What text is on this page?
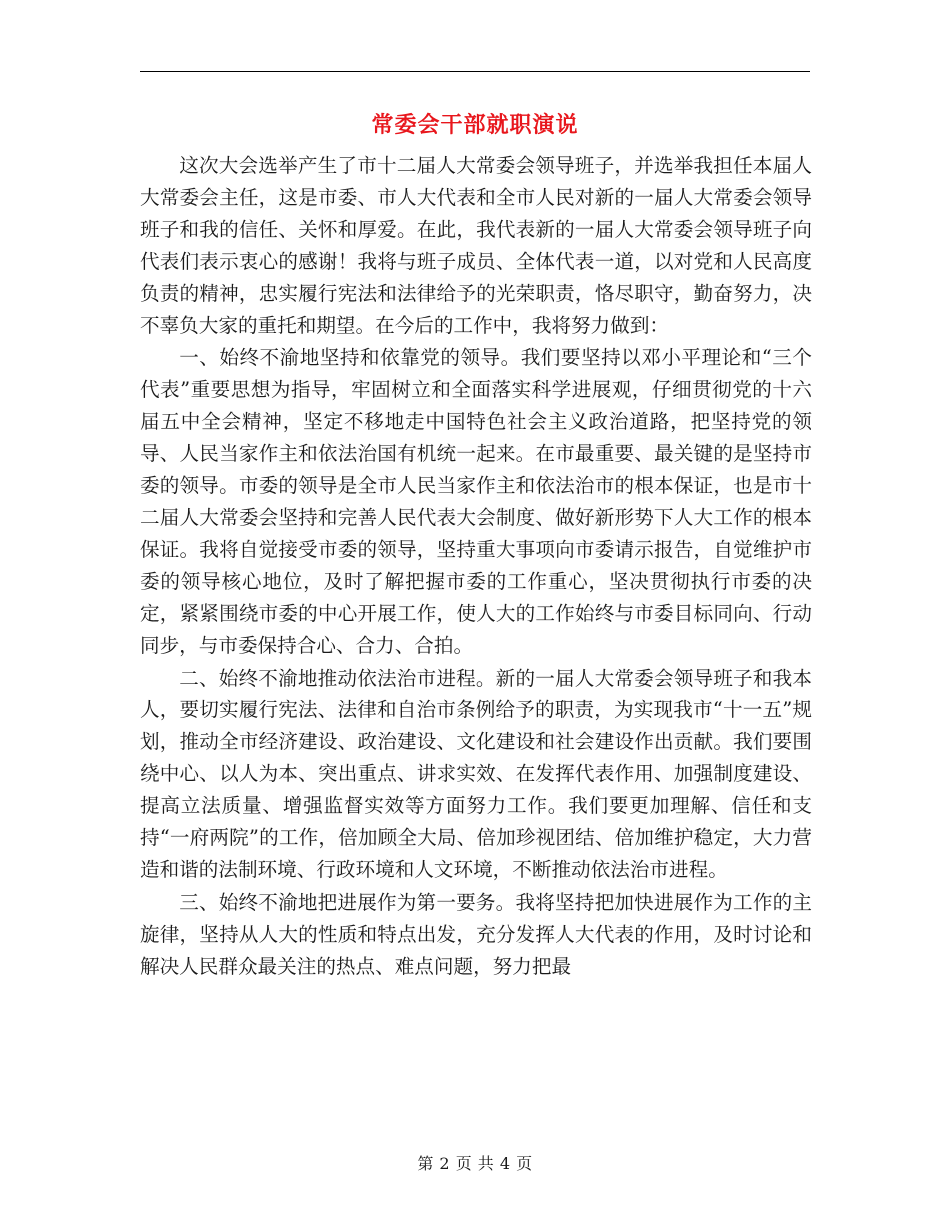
常委会干部就职演说

这次大会选举产生了市十二届人大常委会领导班子，并选举我担任本届人大常委会主任，这是市委、市人大代表和全市人民对新的一届人大常委会领导班子和我的信任、关怀和厚爱。在此，我代表新的一届人大常委会领导班子向代表们表示衷心的感谢！我将与班子成员、全体代表一道，以对党和人民高度负责的精神，忠实履行宪法和法律给予的光荣职责，恪尽职守，勤奋努力，决不辜负大家的重托和期望。在今后的工作中，我将努力做到：

一、始终不渝地坚持和依靠党的领导。我们要坚持以邓小平理论和“三个代表”重要思想为指导，牢固树立和全面落实科学进展观，仔细贯彻党的十六届五中全会精神，坚定不移地走中国特色社会主义政治道路，把坚持党的领导、人民当家作主和依法治国有机统一起来。在市最重要、最关键的是坚持市委的领导。市委的领导是全市人民当家作主和依法治市的根本保证，也是市十二届人大常委会坚持和完善人民代表大会制度、做好新形势下人大工作的根本保证。我将自觉接受市委的领导，坚持重大事项向市委请示报告，自觉维护市委的领导核心地位，及时了解把握市委的工作重心，坚决贯彻执行市委的决定，紧紧围绕市委的中心开展工作，使人大的工作始终与市委目标同向、行动同步，与市委保持合心、合力、合拍。

二、始终不渝地推动依法治市进程。新的一届人大常委会领导班子和我本人，要切实履行宪法、法律和自治市条例给予的职责，为实现我市“十一五”规划，推动全市经济建设、政治建设、文化建设和社会建设作出贡献。我们要围绕中心、以人为本、突出重点、讲求实效、在发挥代表作用、加强制度建设、提高立法质量、增强监督实效等方面努力工作。我们要更加理解、信任和支持“一府两院”的工作，倍加顾全大局、倍加珍视团结、倍加维护稳定，大力营造和谐的法制环境、行政环境和人文环境，不断推动依法治市进程。

三、始终不渝地把进展作为第一要务。我将坚持把加快进展作为工作的主旋律，坚持从人大的性质和特点出发，充分发挥人大代表的作用，及时讨论和解决人民群众最关注的热点、难点问题，努力把最

第 2 页 共 4 页
